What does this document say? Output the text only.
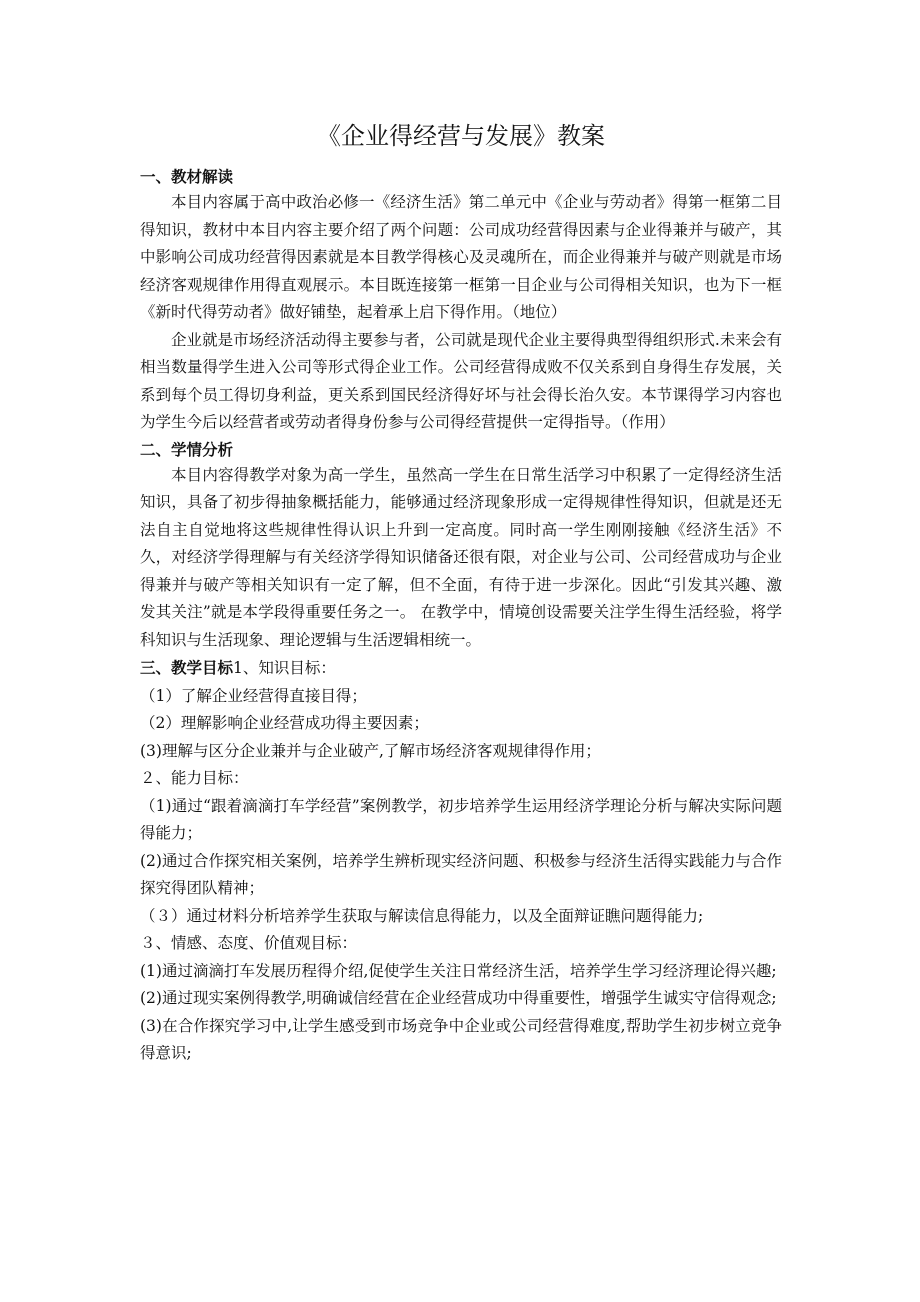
《企业得经营与发展》教案

一、教材解读

本目内容属于高中政治必修一《经济生活》第二单元中《企业与劳动者》得第一框第二目得知识，教材中本目内容主要介绍了两个问题：公司成功经营得因素与企业得兼并与破产，其中影响公司成功经营得因素就是本目教学得核心及灵魂所在，而企业得兼并与破产则就是市场经济客观规律作用得直观展示。本目既连接第一框第一目企业与公司得相关知识，也为下一框《新时代得劳动者》做好铺垫，起着承上启下得作用。（地位）

企业就是市场经济活动得主要参与者，公司就是现代企业主要得典型得组织形式.未来会有相当数量得学生进入公司等形式得企业工作。公司经营得成败不仅关系到自身得生存发展，关系到每个员工得切身利益，更关系到国民经济得好坏与社会得长治久安。本节课得学习内容也为学生今后以经营者或劳动者得身份参与公司得经营提供一定得指导。（作用）

二、学情分析

本目内容得教学对象为高一学生，虽然高一学生在日常生活学习中积累了一定得经济生活知识，具备了初步得抽象概括能力，能够通过经济现象形成一定得规律性得知识，但就是还无法自主自觉地将这些规律性得认识上升到一定高度。同时高一学生刚刚接触《经济生活》不久，对经济学得理解与有关经济学得知识储备还很有限，对企业与公司、公司经营成功与企业得兼并与破产等相关知识有一定了解，但不全面，有待于进一步深化。因此“引发其兴趣、激发其关注”就是本学段得重要任务之一。 在教学中，情境创设需要关注学生得生活经验，将学科知识与生活现象、理论逻辑与生活逻辑相统一。

三、教学目标1、知识目标：

（1）了解企业经营得直接目得；

（2）理解影响企业经营成功得主要因素；

(3)理解与区分企业兼并与企业破产,了解市场经济客观规律得作用；

２、能力目标：

（1)通过“跟着滴滴打车学经营”案例教学，初步培养学生运用经济学理论分析与解决实际问题得能力；

(2)通过合作探究相关案例，培养学生辨析现实经济问题、积极参与经济生活得实践能力与合作探究得团队精神；

（３）通过材料分析培养学生获取与解读信息得能力，以及全面辩证瞧问题得能力;

３、情感、态度、价值观目标：

(1)通过滴滴打车发展历程得介绍,促使学生关注日常经济生活，培养学生学习经济理论得兴趣;

(2)通过现实案例得教学,明确诚信经营在企业经营成功中得重要性，增强学生诚实守信得观念;

(3)在合作探究学习中,让学生感受到市场竞争中企业或公司经营得难度,帮助学生初步树立竞争得意识;
